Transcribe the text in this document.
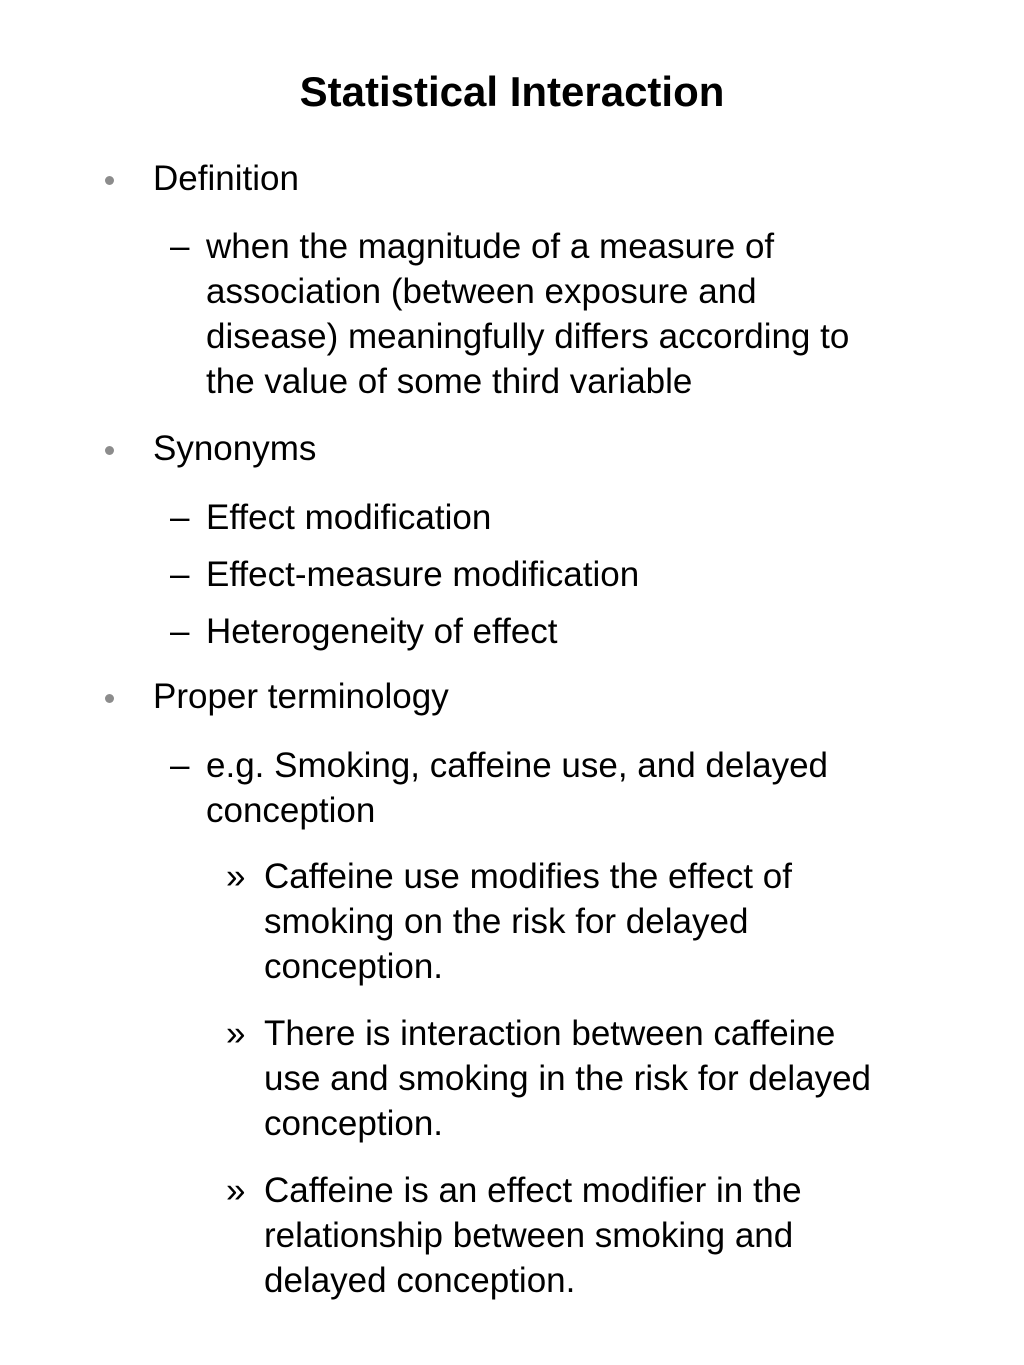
Statistical Interaction
Definition
– when the magnitude of a measure of
association (between exposure and
disease) meaningfully differs according to
the value of some third variable
Synonyms
– Effect modification
– Effect-measure modification
– Heterogeneity of effect
Proper terminology
– e.g. Smoking, caffeine use, and delayed
conception
» Caffeine use modifies the effect of
smoking on the risk for delayed
conception.
» There is interaction between caffeine
use and smoking in the risk for delayed
conception.
» Caffeine is an effect modifier in the
relationship between smoking and
delayed conception.
